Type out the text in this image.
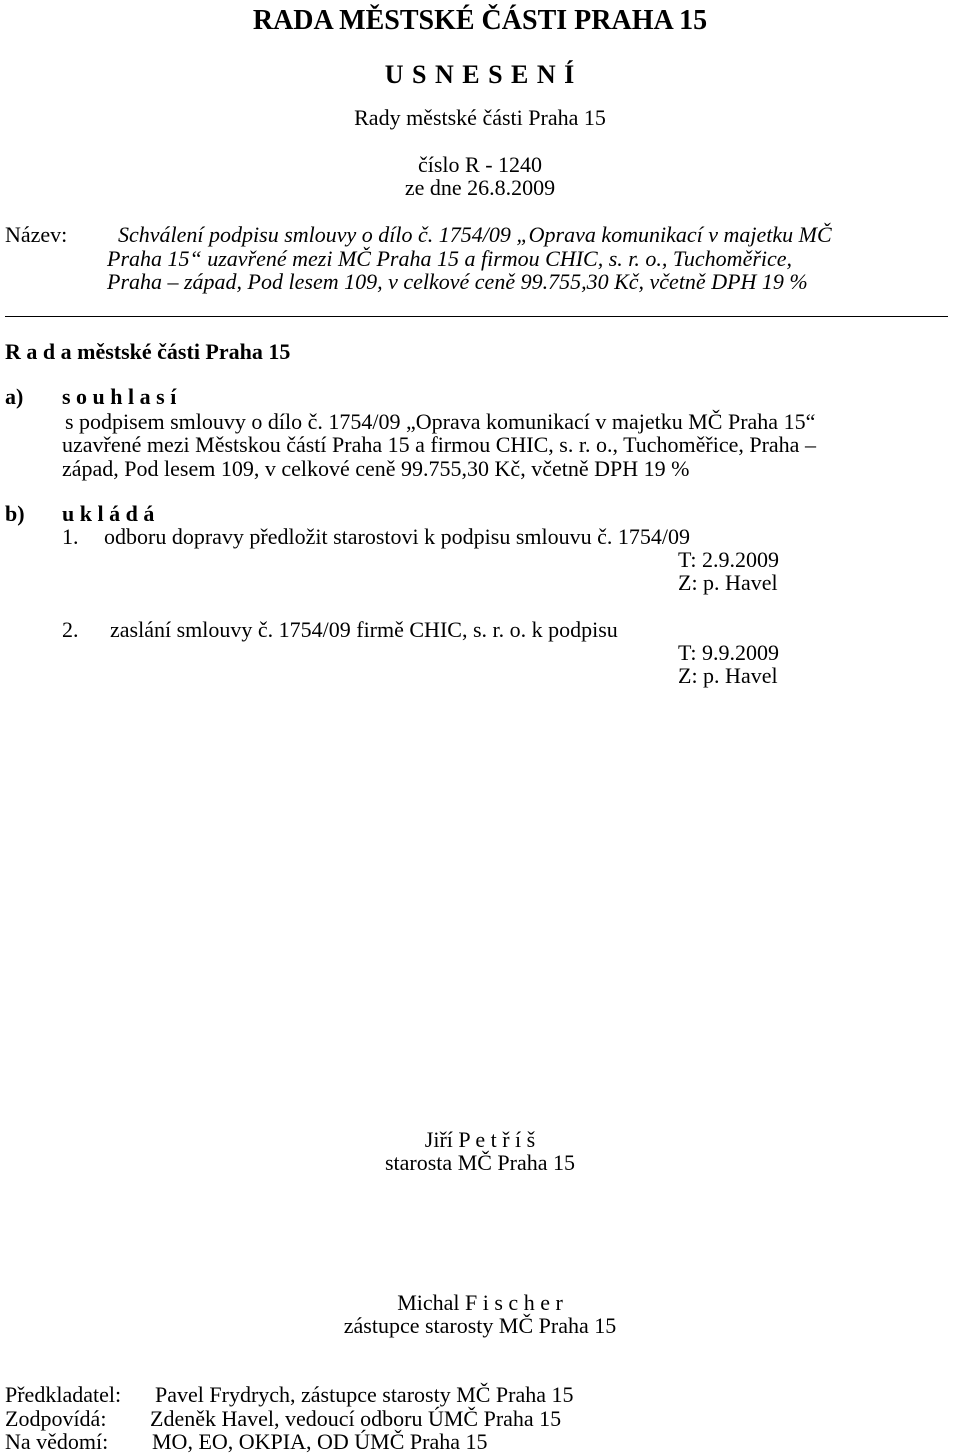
RADA MĚSTSKÉ ČÁSTI PRAHA 15
U S N E S E N Í
Rady městské části Praha 15
číslo R - 1240
ze dne 26.8.2009
Název: Schválení podpisu smlouvy o dílo č. 1754/09 „Oprava komunikací v majetku MČ
Praha 15“ uzavřené mezi MČ Praha 15 a firmou CHIC, s. r. o., Tuchoměřice,
Praha – západ, Pod lesem 109, v celkové ceně 99.755,30 Kč, včetně DPH 19 %
R a d a městské části Praha 15
a) s o u h l a s í
s podpisem smlouvy o dílo č. 1754/09 „Oprava komunikací v majetku MČ Praha 15“
uzavřené mezi Městskou částí Praha 15 a firmou CHIC, s. r. o., Tuchoměřice, Praha –
západ, Pod lesem 109, v celkové ceně 99.755,30 Kč, včetně DPH 19 %
b) u k l á d á
1. odboru dopravy předložit starostovi k podpisu smlouvu č. 1754/09
T: 2.9.2009
Z: p. Havel
2. zaslání smlouvy č. 1754/09 firmě CHIC, s. r. o. k podpisu
T: 9.9.2009
Z: p. Havel
Jiří P e t ř í š
starosta MČ Praha 15
Michal F i s c h e r
zástupce starosty MČ Praha 15
Předkladatel: Pavel Frydrych, zástupce starosty MČ Praha 15
Zodpovídá: Zdeněk Havel, vedoucí odboru ÚMČ Praha 15
Na vědomí: MO, EO, OKPIA, OD ÚMČ Praha 15
